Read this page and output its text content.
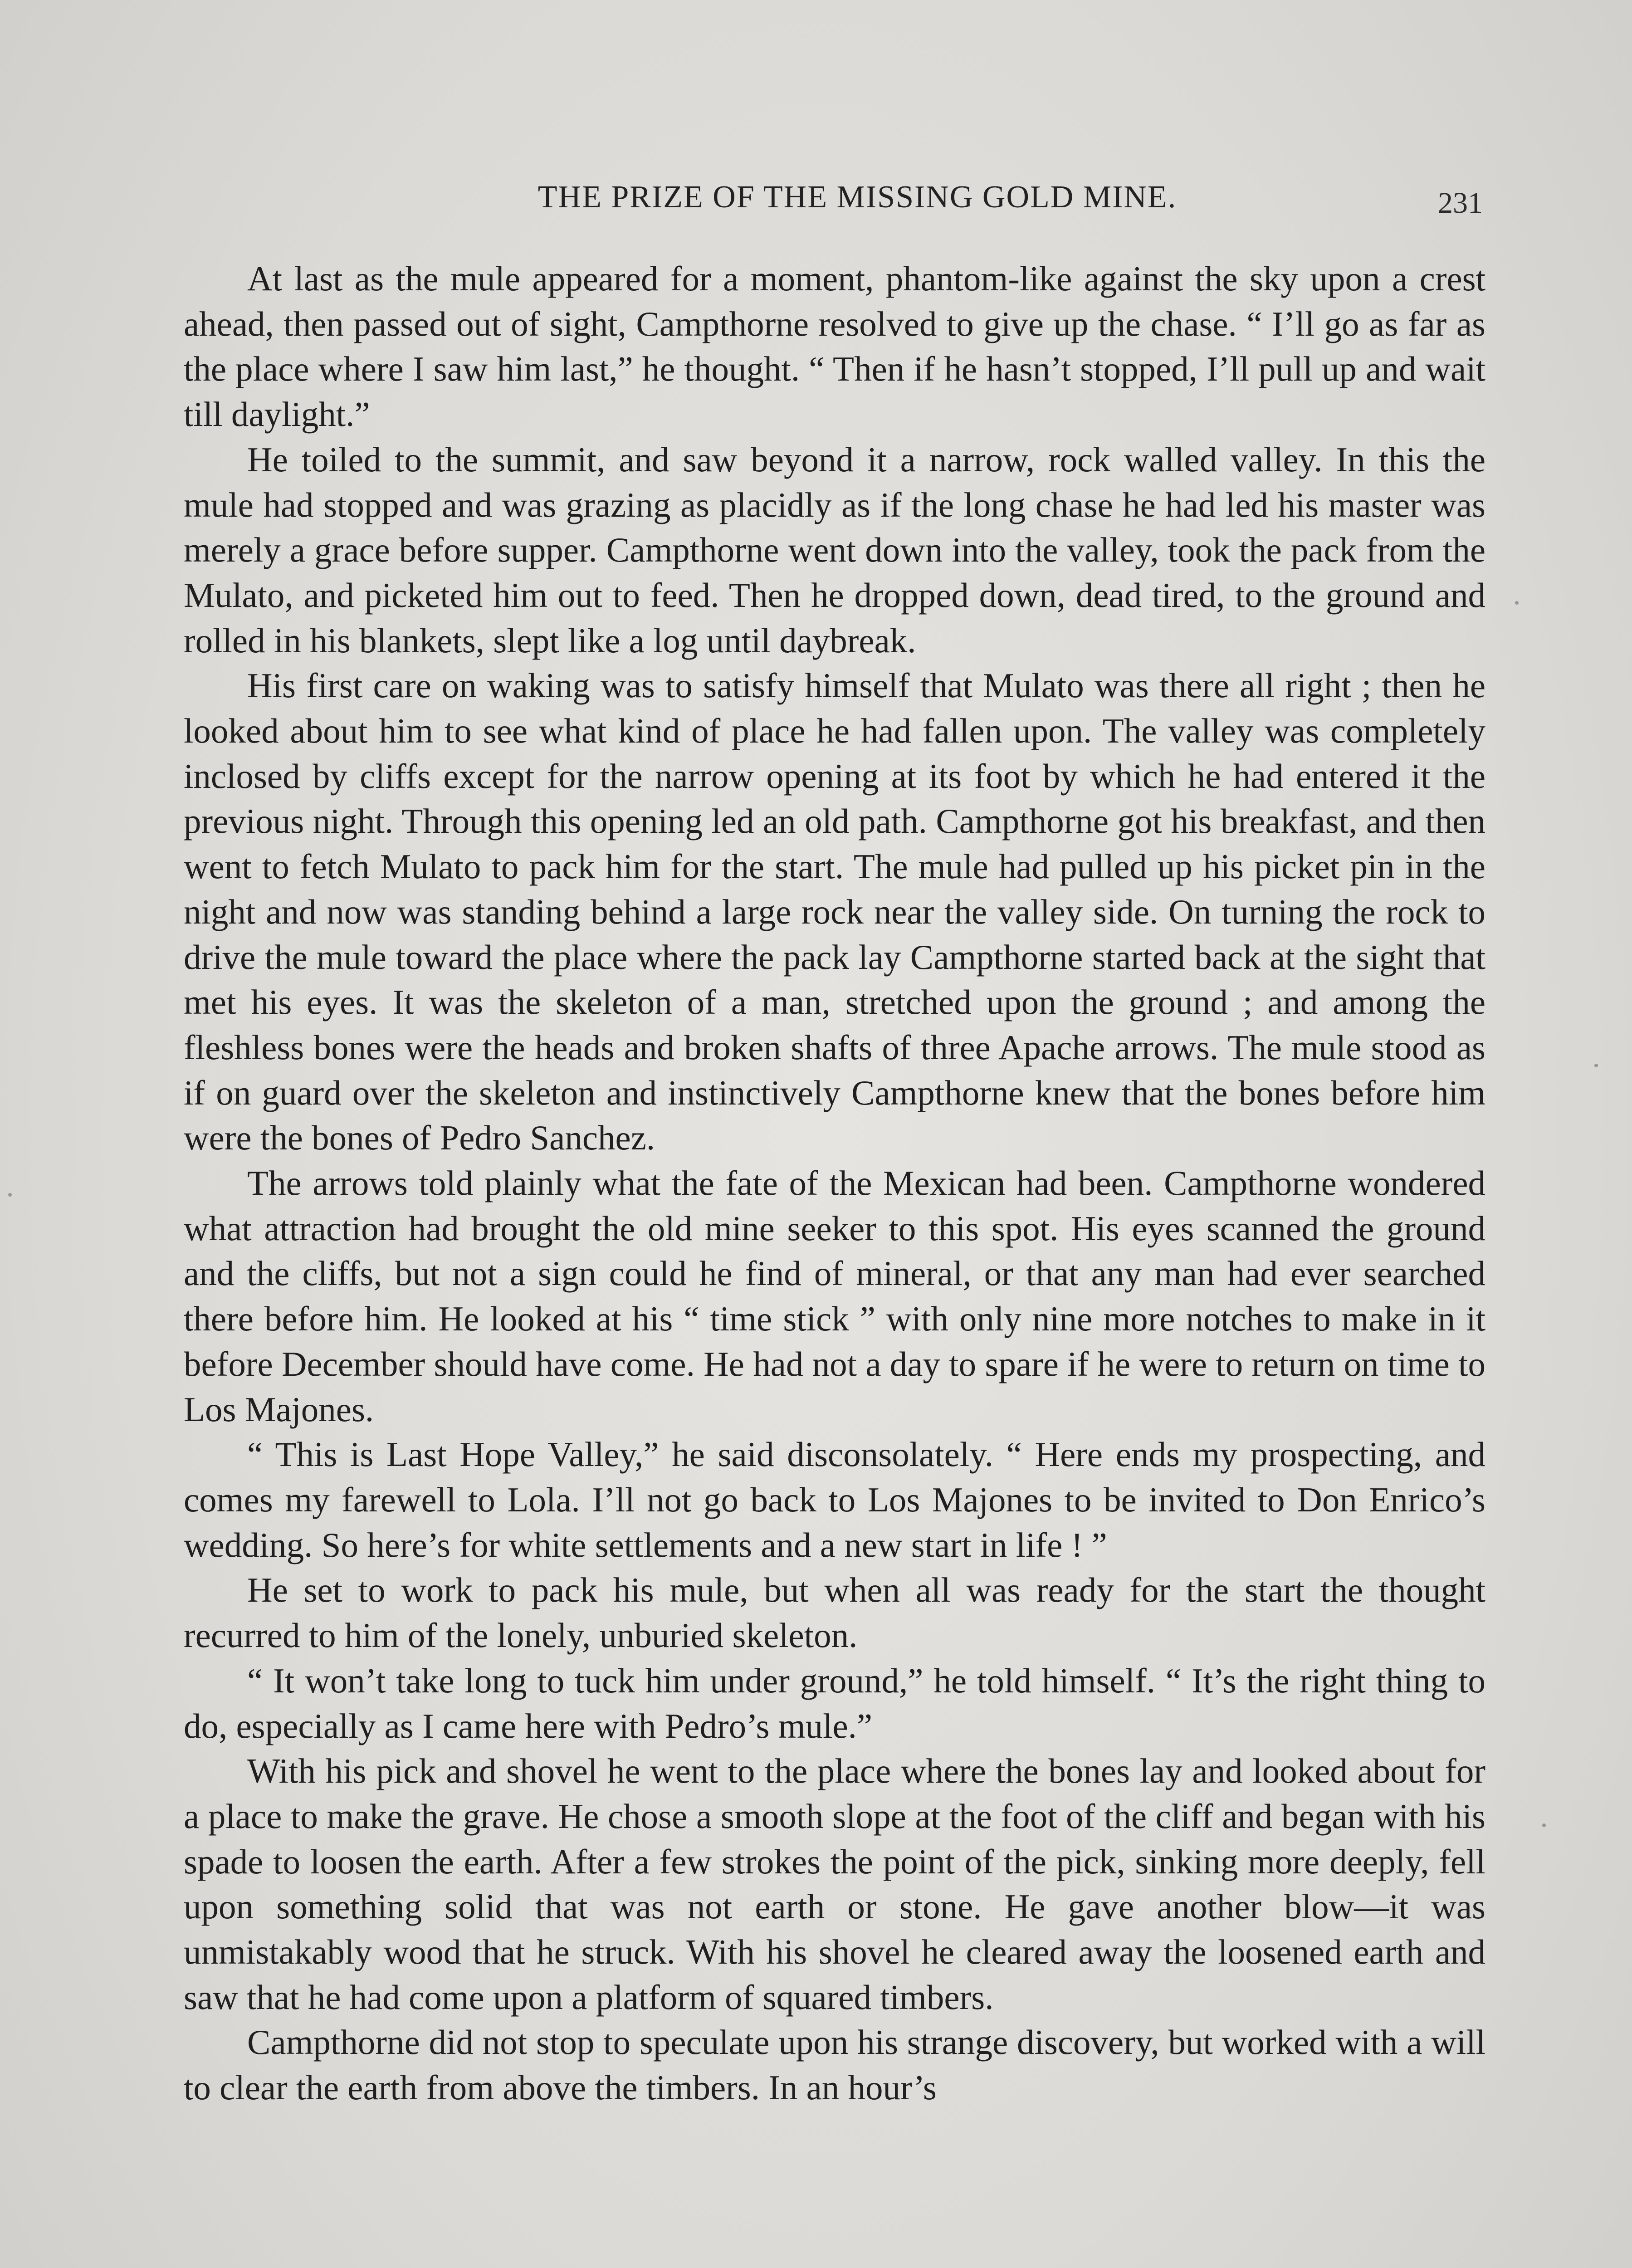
THE PRIZE OF THE MISSING GOLD MINE.	231

At last as the mule appeared for a moment, phantom-like against the sky upon a crest ahead, then passed out of sight, Campthorne resolved to give up the chase. “ I’ll go as far as the place where I saw him last,” he thought. “ Then if he hasn’t stopped, I’ll pull up and wait till daylight.”

He toiled to the summit, and saw beyond it a narrow, rock walled valley. In this the mule had stopped and was grazing as placidly as if the long chase he had led his master was merely a grace before supper. Campthorne went down into the valley, took the pack from the Mulato, and picketed him out to feed. Then he dropped down, dead tired, to the ground and rolled in his blankets, slept like a log until daybreak.

His first care on waking was to satisfy himself that Mulato was there all right ; then he looked about him to see what kind of place he had fallen upon. The valley was completely inclosed by cliffs except for the narrow opening at its foot by which he had entered it the previous night. Through this opening led an old path. Campthorne got his breakfast, and then went to fetch Mulato to pack him for the start. The mule had pulled up his picket pin in the night and now was standing behind a large rock near the valley side. On turning the rock to drive the mule toward the place where the pack lay Campthorne started back at the sight that met his eyes. It was the skeleton of a man, stretched upon the ground ; and among the fleshless bones were the heads and broken shafts of three Apache arrows. The mule stood as if on guard over the skeleton and instinctively Campthorne knew that the bones before him were the bones of Pedro Sanchez.

The arrows told plainly what the fate of the Mexican had been. Campthorne wondered what attraction had brought the old mine seeker to this spot. His eyes scanned the ground and the cliffs, but not a sign could he find of mineral, or that any man had ever searched there before him. He looked at his “ time stick ” with only nine more notches to make in it before December should have come. He had not a day to spare if he were to return on time to Los Majones.

“ This is Last Hope Valley,” he said disconsolately. “ Here ends my prospecting, and comes my farewell to Lola. I’ll not go back to Los Majones to be invited to Don Enrico’s wedding. So here’s for white settlements and a new start in life ! ”

He set to work to pack his mule, but when all was ready for the start the thought recurred to him of the lonely, unburied skeleton.

“ It won’t take long to tuck him under ground,” he told himself. “ It’s the right thing to do, especially as I came here with Pedro’s mule.”

With his pick and shovel he went to the place where the bones lay and looked about for a place to make the grave. He chose a smooth slope at the foot of the cliff and began with his spade to loosen the earth. After a few strokes the point of the pick, sinking more deeply, fell upon something solid that was not earth or stone. He gave another blow—it was unmistakably wood that he struck. With his shovel he cleared away the loosened earth and saw that he had come upon a platform of squared timbers.

Campthorne did not stop to speculate upon his strange discovery, but worked with a will to clear the earth from above the timbers. In an hour’s
